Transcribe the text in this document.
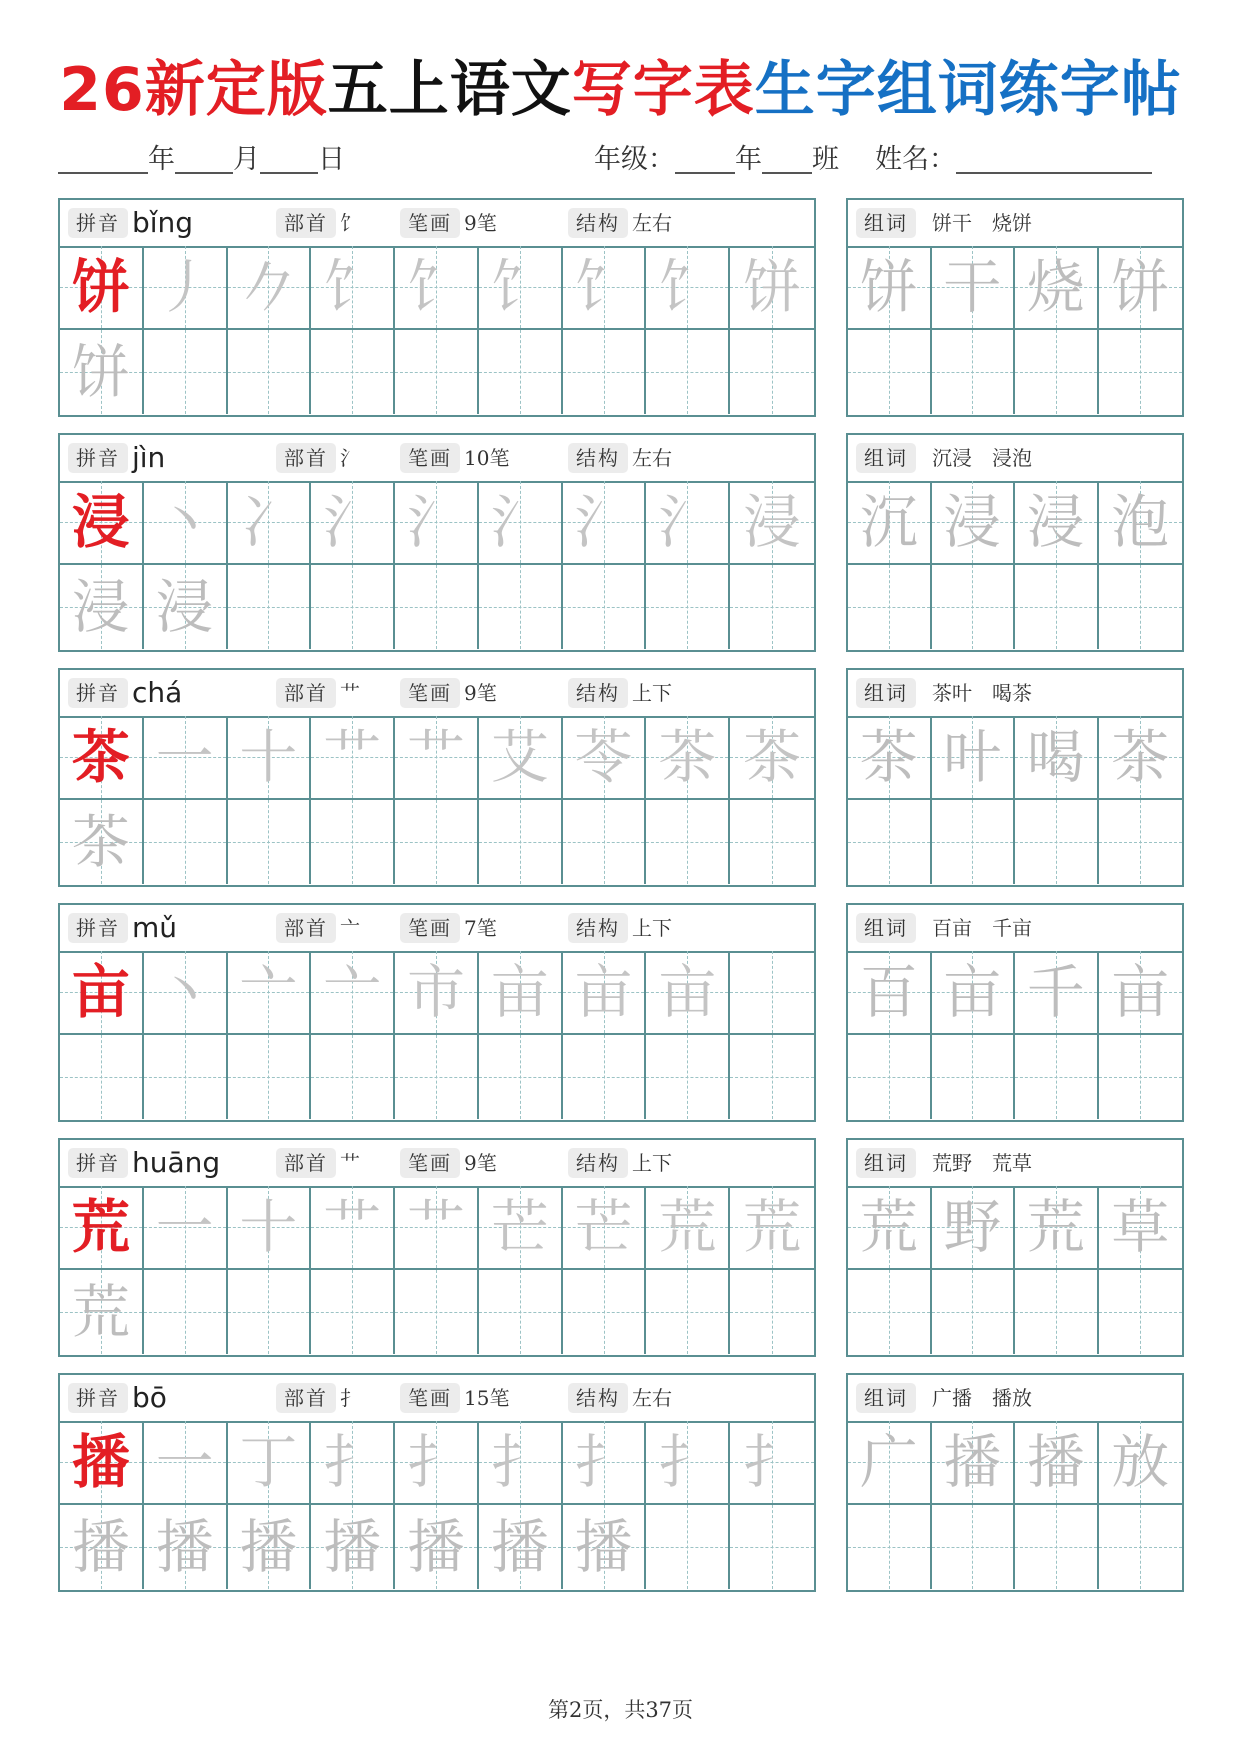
26新定版五上语文写字表生字组词练字帖
年 月 日	年级： 年 班 姓名：
拼音 bǐng	部首 饣	笔画 9笔	结构 左右
饼 丿 𠂊 饣 饣 饣 饣 饣 饼
饼
组词	饼干　烧饼
饼 干 烧 饼
拼音 jìn	部首 氵	笔画 10笔	结构 左右
浸 丶 冫 氵 氵 氵 氵 氵 浸
浸 浸
组词	沉浸　浸泡
沉 浸 浸 泡
拼音 chá	部首 艹	笔画 9笔	结构 上下
茶 一 十 艹 艹 艾 苓 茶 茶
茶
组词	茶叶　喝茶
茶 叶 喝 茶
拼音 mǔ	部首 亠	笔画 7笔	结构 上下
亩 丶 亠 亠 市 亩 亩 亩
组词	百亩　千亩
百 亩 千 亩
拼音 huāng	部首 艹	笔画 9笔	结构 上下
荒 一 十 艹 艹 芒 芒 荒 荒
荒
组词	荒野　荒草
荒 野 荒 草
拼音 bō	部首 扌	笔画 15笔	结构 左右
播 一 丁 扌 扌 扌 扌 扌 扌
播 播 播 播 播 播 播
组词	广播　播放
广 播 播 放
第2页，共37页
